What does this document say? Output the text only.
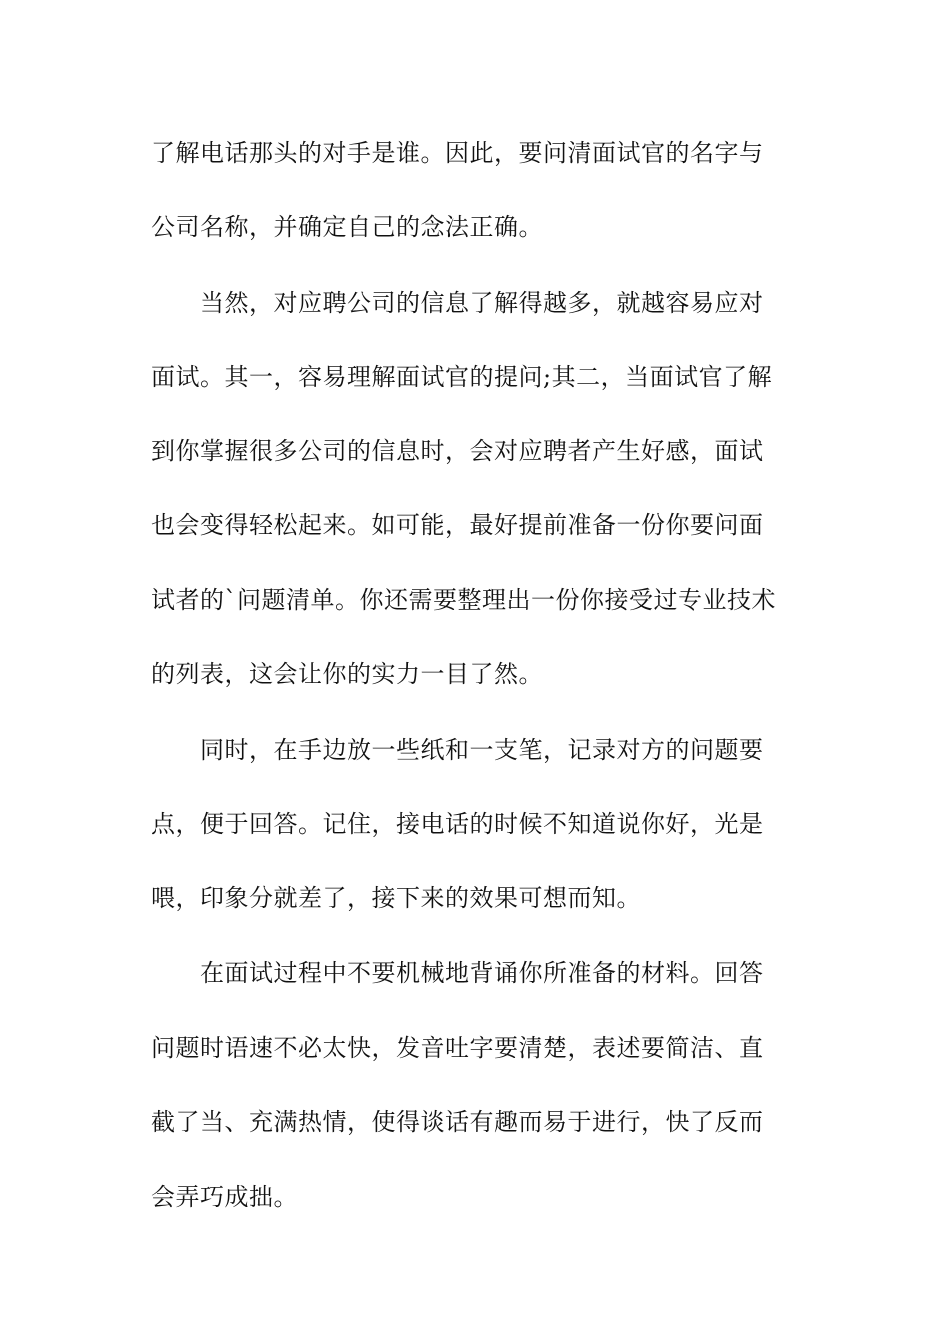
了解电话那头的对手是谁。因此，要问清面试官的名字与
公司名称，并确定自己的念法正确。
当然，对应聘公司的信息了解得越多，就越容易应对
面试。其一，容易理解面试官的提问;其二，当面试官了解
到你掌握很多公司的信息时，会对应聘者产生好感，面试
也会变得轻松起来。如可能，最好提前准备一份你要问面
试者的`问题清单。你还需要整理出一份你接受过专业技术
的列表，这会让你的实力一目了然。
同时，在手边放一些纸和一支笔，记录对方的问题要
点，便于回答。记住，接电话的时候不知道说你好，光是
喂，印象分就差了，接下来的效果可想而知。
在面试过程中不要机械地背诵你所准备的材料。回答
问题时语速不必太快，发音吐字要清楚，表述要简洁、直
截了当、充满热情，使得谈话有趣而易于进行，快了反而
会弄巧成拙。
